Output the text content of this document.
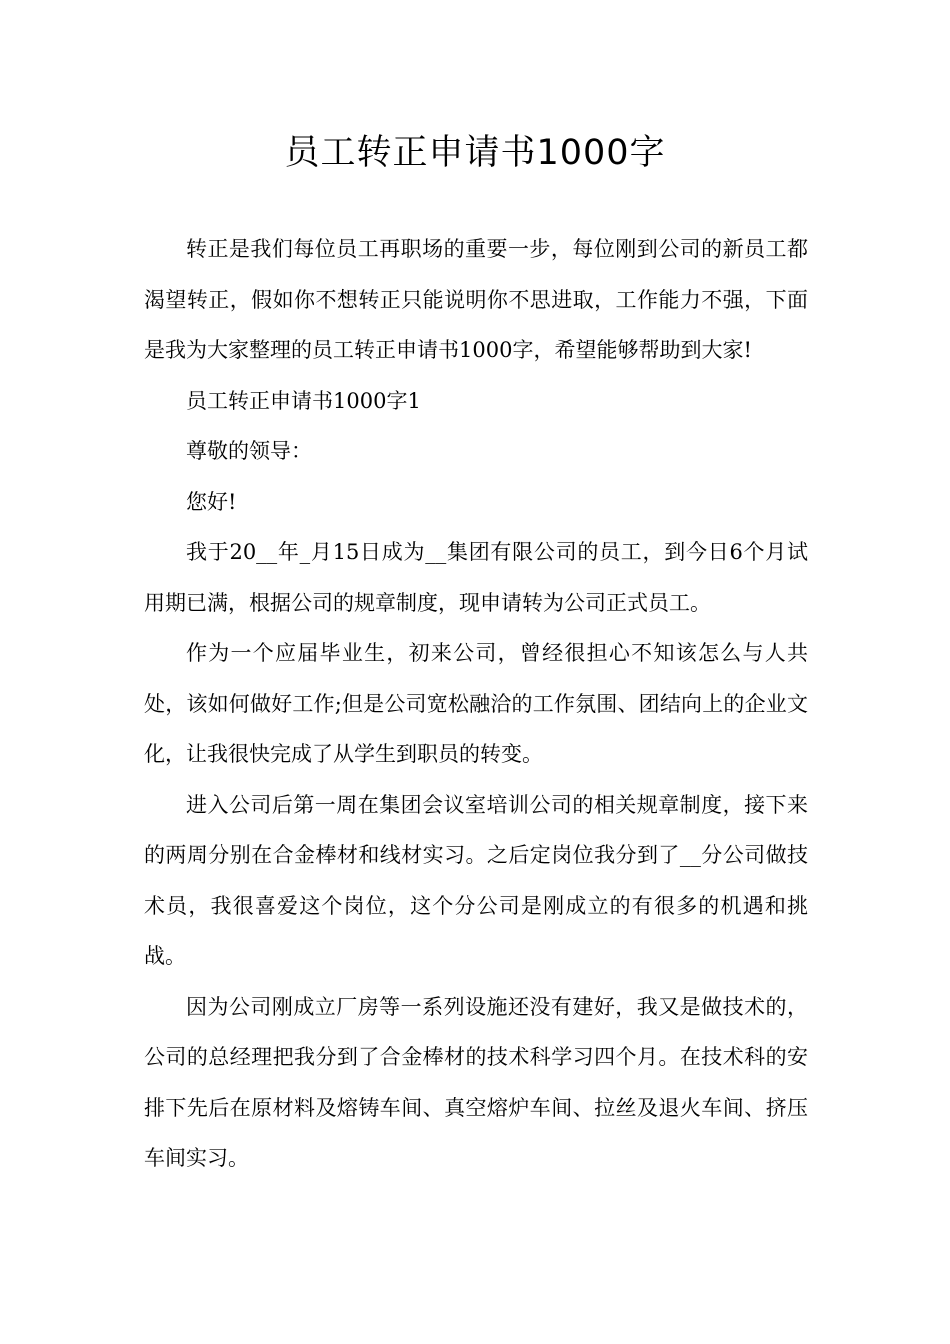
员工转正申请书1000字

转正是我们每位员工再职场的重要一步，每位刚到公司的新员工都渴望转正，假如你不想转正只能说明你不思进取，工作能力不强，下面是我为大家整理的员工转正申请书1000字，希望能够帮助到大家!

员工转正申请书1000字1

尊敬的领导：

您好!

我于20__年_月15日成为__集团有限公司的员工，到今日6个月试用期已满，根据公司的规章制度，现申请转为公司正式员工。

作为一个应届毕业生，初来公司，曾经很担心不知该怎么与人共处，该如何做好工作;但是公司宽松融洽的工作氛围、团结向上的企业文化，让我很快完成了从学生到职员的转变。

进入公司后第一周在集团会议室培训公司的相关规章制度，接下来的两周分别在合金棒材和线材实习。之后定岗位我分到了__分公司做技术员，我很喜爱这个岗位，这个分公司是刚成立的有很多的机遇和挑战。

因为公司刚成立厂房等一系列设施还没有建好，我又是做技术的，公司的总经理把我分到了合金棒材的技术科学习四个月。在技术科的安排下先后在原材料及熔铸车间、真空熔炉车间、拉丝及退火车间、挤压车间实习。
